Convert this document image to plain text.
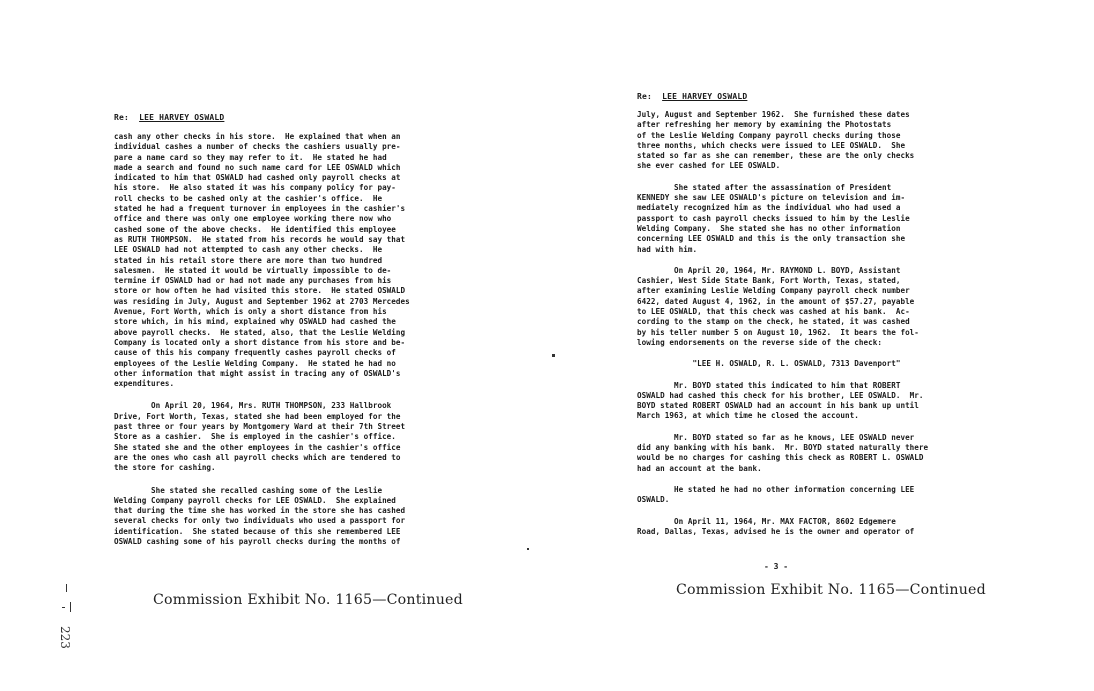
Re: LEE HARVEY OSWALD
cash any other checks in his store.  He explained that when an
individual cashes a number of checks the cashiers usually pre-
pare a name card so they may refer to it.  He stated he had
made a search and found no such name card for LEE OSWALD which
indicated to him that OSWALD had cashed only payroll checks at
his store.  He also stated it was his company policy for pay-
roll checks to be cashed only at the cashier's office.  He
stated he had a frequent turnover in employees in the cashier's
office and there was only one employee working there now who
cashed some of the above checks.  He identified this employee
as RUTH THOMPSON.  He stated from his records he would say that
LEE OSWALD had not attempted to cash any other checks.  He
stated in his retail store there are more than two hundred
salesmen.  He stated it would be virtually impossible to de-
termine if OSWALD had or had not made any purchases from his
store or how often he had visited this store.  He stated OSWALD
was residing in July, August and September 1962 at 2703 Mercedes
Avenue, Fort Worth, which is only a short distance from his
store which, in his mind, explained why OSWALD had cashed the
above payroll checks.  He stated, also, that the Leslie Welding
Company is located only a short distance from his store and be-
cause of this his company frequently cashes payroll checks of
employees of the Leslie Welding Company.  He stated he had no
other information that might assist in tracing any of OSWALD's
expenditures.
On April 20, 1964, Mrs. RUTH THOMPSON, 233 Hallbrook
Drive, Fort Worth, Texas, stated she had been employed for the
past three or four years by Montgomery Ward at their 7th Street
Store as a cashier.  She is employed in the cashier's office.
She stated she and the other employees in the cashier's office
are the ones who cash all payroll checks which are tendered to
the store for cashing.
She stated she recalled cashing some of the Leslie
Welding Company payroll checks for LEE OSWALD.  She explained
that during the time she has worked in the store she has cashed
several checks for only two individuals who used a passport for
identification.  She stated because of this she remembered LEE
OSWALD cashing some of his payroll checks during the months of
Commission Exhibit No. 1165—Continued
223
Re: LEE HARVEY OSWALD
July, August and September 1962.  She furnished these dates
after refreshing her memory by examining the Photostats
of the Leslie Welding Company payroll checks during those
three months, which checks were issued to LEE OSWALD.  She
stated so far as she can remember, these are the only checks
she ever cashed for LEE OSWALD.
She stated after the assassination of President
KENNEDY she saw LEE OSWALD's picture on television and im-
mediately recognized him as the individual who had used a
passport to cash payroll checks issued to him by the Leslie
Welding Company.  She stated she has no other information
concerning LEE OSWALD and this is the only transaction she
had with him.
On April 20, 1964, Mr. RAYMOND L. BOYD, Assistant
Cashier, West Side State Bank, Fort Worth, Texas, stated,
after examining Leslie Welding Company payroll check number
6422, dated August 4, 1962, in the amount of $57.27, payable
to LEE OSWALD, that this check was cashed at his bank.  Ac-
cording to the stamp on the check, he stated, it was cashed
by his teller number 5 on August 10, 1962.  It bears the fol-
lowing endorsements on the reverse side of the check:
"LEE H. OSWALD, R. L. OSWALD, 7313 Davenport"
Mr. BOYD stated this indicated to him that ROBERT
OSWALD had cashed this check for his brother, LEE OSWALD.  Mr.
BOYD stated ROBERT OSWALD had an account in his bank up until
March 1963, at which time he closed the account.
Mr. BOYD stated so far as he knows, LEE OSWALD never
did any banking with his bank.  Mr. BOYD stated naturally there
would be no charges for cashing this check as ROBERT L. OSWALD
had an account at the bank.
He stated he had no other information concerning LEE
OSWALD.
On April 11, 1964, Mr. MAX FACTOR, 8602 Edgemere
Road, Dallas, Texas, advised he is the owner and operator of
- 3 -
Commission Exhibit No. 1165—Continued
